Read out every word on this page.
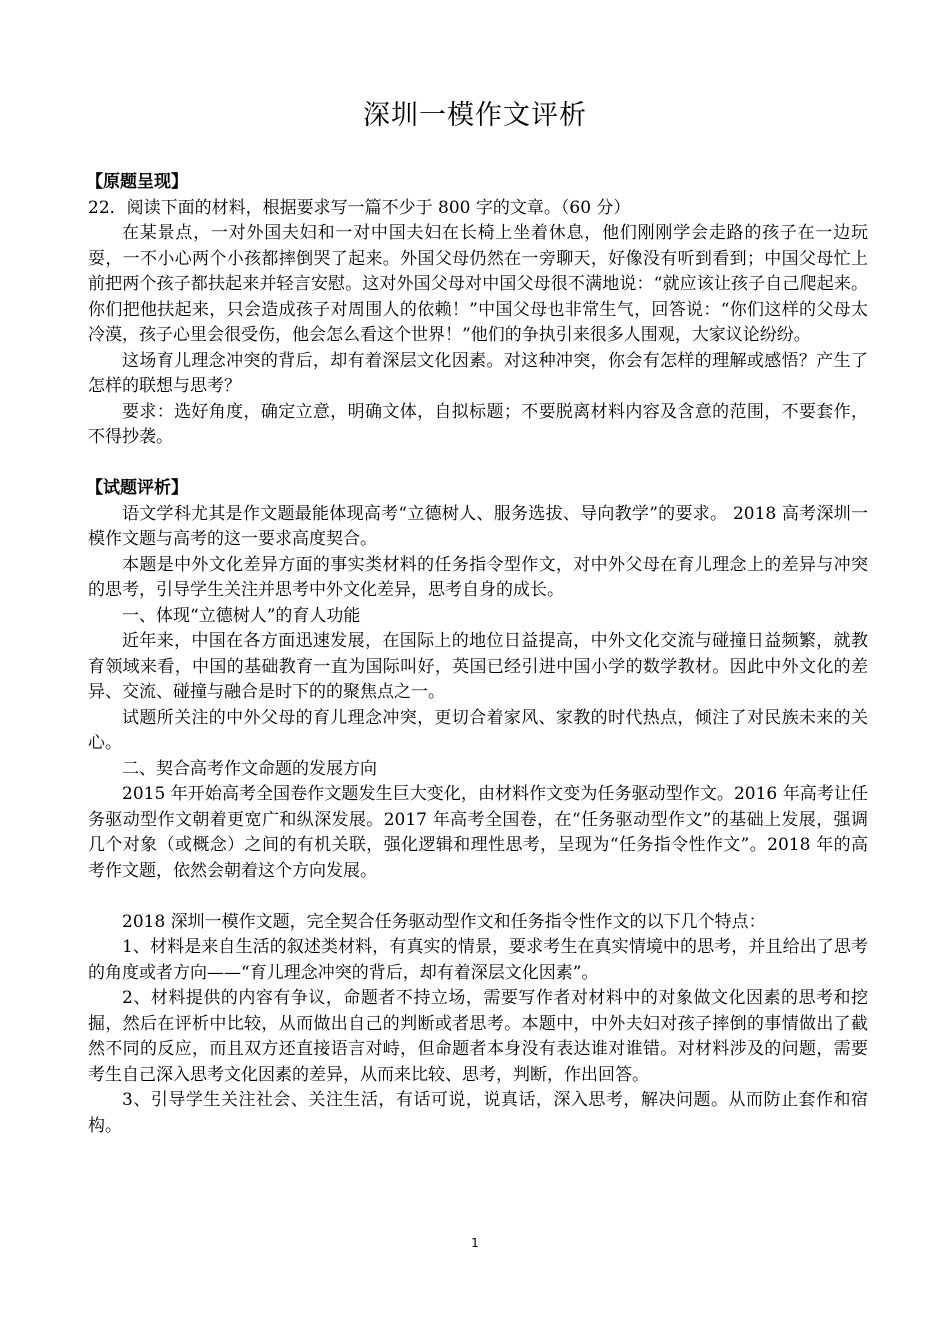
深圳一模作文评析

【原题呈现】

22．阅读下面的材料，根据要求写一篇不少于 800 字的文章。（60 分）

在某景点，一对外国夫妇和一对中国夫妇在长椅上坐着休息，他们刚刚学会走路的孩子在一边玩耍，一不小心两个小孩都摔倒哭了起来。外国父母仍然在一旁聊天，好像没有听到看到；中国父母忙上前把两个孩子都扶起来并轻言安慰。这对外国父母对中国父母很不满地说：“就应该让孩子自己爬起来。你们把他扶起来，只会造成孩子对周围人的依赖！”中国父母也非常生气，回答说：“你们这样的父母太冷漠，孩子心里会很受伤，他会怎么看这个世界！”他们的争执引来很多人围观，大家议论纷纷。

这场育儿理念冲突的背后，却有着深层文化因素。对这种冲突，你会有怎样的理解或感悟？产生了怎样的联想与思考？

要求：选好角度，确定立意，明确文体，自拟标题；不要脱离材料内容及含意的范围，不要套作，不得抄袭。

【试题评析】

语文学科尤其是作文题最能体现高考“立德树人、服务选拔、导向教学”的要求。 2018 高考深圳一模作文题与高考的这一要求高度契合。

本题是中外文化差异方面的事实类材料的任务指令型作文，对中外父母在育儿理念上的差异与冲突的思考，引导学生关注并思考中外文化差异，思考自身的成长。

一、体现“立德树人”的育人功能

近年来，中国在各方面迅速发展，在国际上的地位日益提高，中外文化交流与碰撞日益频繁，就教育领域来看，中国的基础教育一直为国际叫好，英国已经引进中国小学的数学教材。因此中外文化的差异、交流、碰撞与融合是时下的的聚焦点之一。

试题所关注的中外父母的育儿理念冲突，更切合着家风、家教的时代热点，倾注了对民族未来的关心。

二、契合高考作文命题的发展方向

2015 年开始高考全国卷作文题发生巨大变化，由材料作文变为任务驱动型作文。2016 年高考让任务驱动型作文朝着更宽广和纵深发展。2017 年高考全国卷，在“任务驱动型作文”的基础上发展，强调几个对象（或概念）之间的有机关联，强化逻辑和理性思考，呈现为“任务指令性作文”。2018 年的高考作文题，依然会朝着这个方向发展。

2018 深圳一模作文题，完全契合任务驱动型作文和任务指令性作文的以下几个特点：

1、材料是来自生活的叙述类材料，有真实的情景，要求考生在真实情境中的思考，并且给出了思考的角度或者方向——“育儿理念冲突的背后，却有着深层文化因素”。

2、材料提供的内容有争议，命题者不持立场，需要写作者对材料中的对象做文化因素的思考和挖掘，然后在评析中比较，从而做出自己的判断或者思考。本题中，中外夫妇对孩子摔倒的事情做出了截然不同的反应，而且双方还直接语言对峙，但命题者本身没有表达谁对谁错。对材料涉及的问题，需要考生自己深入思考文化因素的差异，从而来比较、思考，判断，作出回答。

3、引导学生关注社会、关注生活，有话可说，说真话，深入思考，解决问题。从而防止套作和宿构。

1
